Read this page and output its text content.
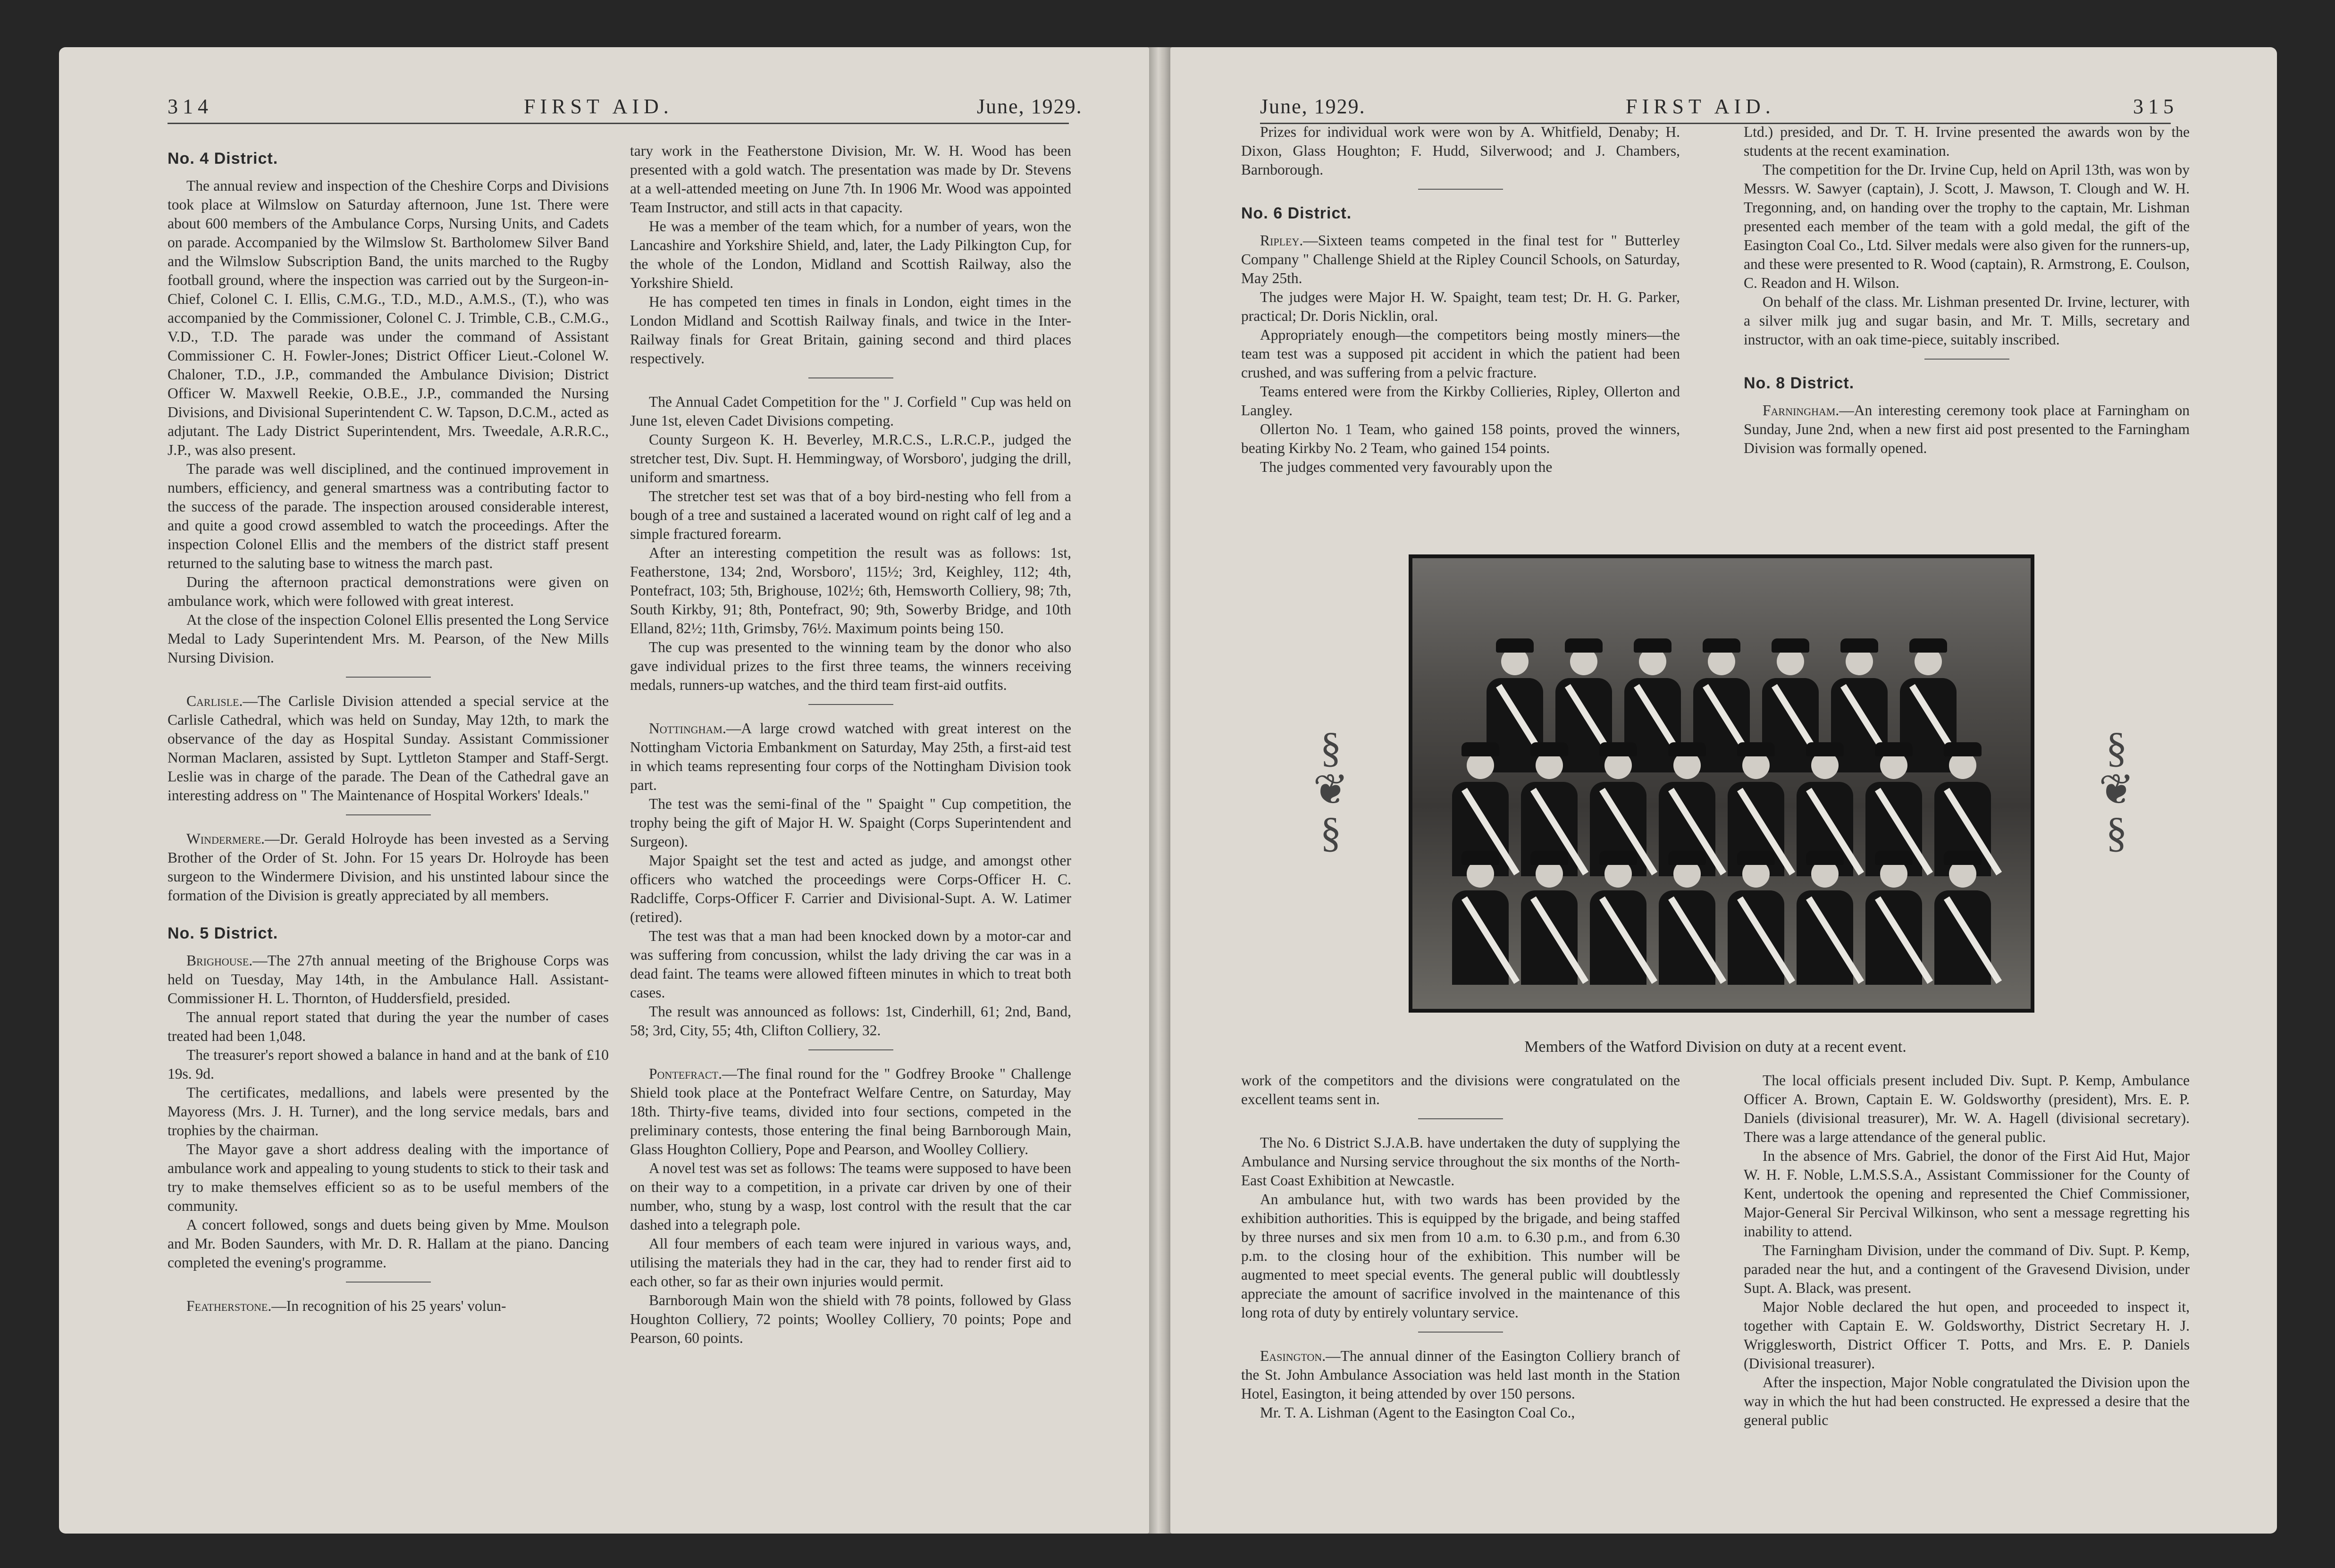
314	FIRST AID.	June, 1929.
No. 4 District.

The annual review and inspection of the Cheshire Corps and Divisions took place at Wilmslow on Saturday afternoon, June 1st. There were about 600 members of the Ambulance Corps, Nursing Units, and Cadets on parade. Accompanied by the Wilmslow St. Bartholomew Silver Band and the Wilmslow Subscription Band, the units marched to the Rugby football ground, where the inspection was carried out by the Surgeon-in-Chief, Colonel C. I. Ellis, C.M.G., T.D., M.D., A.M.S., (T.), who was accompanied by the Commissioner, Colonel C. J. Trimble, C.B., C.M.G., V.D., T.D. The parade was under the command of Assistant Commissioner C. H. Fowler-Jones; District Officer Lieut.-Colonel W. Chaloner, T.D., J.P., commanded the Ambulance Division; District Officer W. Maxwell Reekie, O.B.E., J.P., commanded the Nursing Divisions, and Divisional Superintendent C. W. Tapson, D.C.M., acted as adjutant. The Lady District Superintendent, Mrs. Tweedale, A.R.R.C., J.P., was also present.

The parade was well disciplined, and the continued improvement in numbers, efficiency, and general smartness was a contributing factor to the success of the parade. The inspection aroused considerable interest, and quite a good crowd assembled to watch the proceedings. After the inspection Colonel Ellis and the members of the district staff present returned to the saluting base to witness the march past.

During the afternoon practical demonstrations were given on ambulance work, which were followed with great interest.

At the close of the inspection Colonel Ellis presented the Long Service Medal to Lady Superintendent Mrs. M. Pearson, of the New Mills Nursing Division.

Carlisle.—The Carlisle Division attended a special service at the Carlisle Cathedral, which was held on Sunday, May 12th, to mark the observance of the day as Hospital Sunday. Assistant Commissioner Norman Maclaren, assisted by Supt. Lyttleton Stamper and Staff-Sergt. Leslie was in charge of the parade. The Dean of the Cathedral gave an interesting address on " The Maintenance of Hospital Workers' Ideals."

Windermere.—Dr. Gerald Holroyde has been invested as a Serving Brother of the Order of St. John. For 15 years Dr. Holroyde has been surgeon to the Windermere Division, and his unstinted labour since the formation of the Division is greatly appreciated by all members.

No. 5 District.

Brighouse.—The 27th annual meeting of the Brighouse Corps was held on Tuesday, May 14th, in the Ambulance Hall. Assistant-Commissioner H. L. Thornton, of Huddersfield, presided.

The annual report stated that during the year the number of cases treated had been 1,048.

The treasurer's report showed a balance in hand and at the bank of £10 19s. 9d.

The certificates, medallions, and labels were presented by the Mayoress (Mrs. J. H. Turner), and the long service medals, bars and trophies by the chairman.

The Mayor gave a short address dealing with the importance of ambulance work and appealing to young students to stick to their task and try to make themselves efficient so as to be useful members of the community.

A concert followed, songs and duets being given by Mme. Moulson and Mr. Boden Saunders, with Mr. D. R. Hallam at the piano. Dancing completed the evening's programme.

Featherstone.—In recognition of his 25 years' volun-

tary work in the Featherstone Division, Mr. W. H. Wood has been presented with a gold watch. The presentation was made by Dr. Stevens at a well-attended meeting on June 7th. In 1906 Mr. Wood was appointed Team Instructor, and still acts in that capacity.

He was a member of the team which, for a number of years, won the Lancashire and Yorkshire Shield, and, later, the Lady Pilkington Cup, for the whole of the London, Midland and Scottish Railway, also the Yorkshire Shield.

He has competed ten times in finals in London, eight times in the London Midland and Scottish Railway finals, and twice in the Inter-Railway finals for Great Britain, gaining second and third places respectively.

The Annual Cadet Competition for the " J. Corfield " Cup was held on June 1st, eleven Cadet Divisions competing.

County Surgeon K. H. Beverley, M.R.C.S., L.R.C.P., judged the stretcher test, Div. Supt. H. Hemmingway, of Worsboro', judging the drill, uniform and smartness.

The stretcher test set was that of a boy bird-nesting who fell from a bough of a tree and sustained a lacerated wound on right calf of leg and a simple fractured forearm.

After an interesting competition the result was as follows: 1st, Featherstone, 134; 2nd, Worsboro', 115½; 3rd, Keighley, 112; 4th, Pontefract, 103; 5th, Brighouse, 102½; 6th, Hemsworth Colliery, 98; 7th, South Kirkby, 91; 8th, Pontefract, 90; 9th, Sowerby Bridge, and 10th Elland, 82½; 11th, Grimsby, 76½. Maximum points being 150.

The cup was presented to the winning team by the donor who also gave individual prizes to the first three teams, the winners receiving medals, runners-up watches, and the third team first-aid outfits.

Nottingham.—A large crowd watched with great interest on the Nottingham Victoria Embankment on Saturday, May 25th, a first-aid test in which teams representing four corps of the Nottingham Division took part.

The test was the semi-final of the " Spaight " Cup competition, the trophy being the gift of Major H. W. Spaight (Corps Superintendent and Surgeon).

Major Spaight set the test and acted as judge, and amongst other officers who watched the proceedings were Corps-Officer H. C. Radcliffe, Corps-Officer F. Carrier and Divisional-Supt. A. W. Latimer (retired).

The test was that a man had been knocked down by a motor-car and was suffering from concussion, whilst the lady driving the car was in a dead faint. The teams were allowed fifteen minutes in which to treat both cases.

The result was announced as follows: 1st, Cinderhill, 61; 2nd, Band, 58; 3rd, City, 55; 4th, Clifton Colliery, 32.

Pontefract.—The final round for the " Godfrey Brooke " Challenge Shield took place at the Pontefract Welfare Centre, on Saturday, May 18th. Thirty-five teams, divided into four sections, competed in the preliminary contests, those entering the final being Barnborough Main, Glass Houghton Colliery, Pope and Pearson, and Woolley Colliery.

A novel test was set as follows: The teams were supposed to have been on their way to a competition, in a private car driven by one of their number, who, stung by a wasp, lost control with the result that the car dashed into a telegraph pole.

All four members of each team were injured in various ways, and, utilising the materials they had in the car, they had to render first aid to each other, so far as their own injuries would permit.

Barnborough Main won the shield with 78 points, followed by Glass Houghton Colliery, 72 points; Woolley Colliery, 70 points; Pope and Pearson, 60 points.

June, 1929.	FIRST AID.	315

Prizes for individual work were won by A. Whitfield, Denaby; H. Dixon, Glass Houghton; F. Hudd, Silverwood; and J. Chambers, Barnborough.

No. 6 District.

Ripley.—Sixteen teams competed in the final test for " Butterley Company " Challenge Shield at the Ripley Council Schools, on Saturday, May 25th.

The judges were Major H. W. Spaight, team test; Dr. H. G. Parker, practical; Dr. Doris Nicklin, oral.

Appropriately enough—the competitors being mostly miners—the team test was a supposed pit accident in which the patient had been crushed, and was suffering from a pelvic fracture.

Teams entered were from the Kirkby Collieries, Ripley, Ollerton and Langley.

Ollerton No. 1 Team, who gained 158 points, proved the winners, beating Kirkby No. 2 Team, who gained 154 points.

The judges commented very favourably upon the

Ltd.) presided, and Dr. T. H. Irvine presented the awards won by the students at the recent examination.

The competition for the Dr. Irvine Cup, held on April 13th, was won by Messrs. W. Sawyer (captain), J. Scott, J. Mawson, T. Clough and W. H. Tregonning, and, on handing over the trophy to the captain, Mr. Lishman presented each member of the team with a gold medal, the gift of the Easington Coal Co., Ltd. Silver medals were also given for the runners-up, and these were presented to R. Wood (captain), R. Armstrong, E. Coulson, C. Readon and H. Wilson.

On behalf of the class. Mr. Lishman presented Dr. Irvine, lecturer, with a silver milk jug and sugar basin, and Mr. T. Mills, secretary and instructor, with an oak time-piece, suitably inscribed.

No. 8 District.

Farningham.—An interesting ceremony took place at Farningham on Sunday, June 2nd, when a new first aid post presented to the Farningham Division was formally opened.

§
❦
§
§
❦
§
Members of the Watford Division on duty at a recent event.

work of the competitors and the divisions were congratulated on the excellent teams sent in.

The No. 6 District S.J.A.B. have undertaken the duty of supplying the Ambulance and Nursing service throughout the six months of the North-East Coast Exhibition at Newcastle.

An ambulance hut, with two wards has been provided by the exhibition authorities. This is equipped by the brigade, and being staffed by three nurses and six men from 10 a.m. to 6.30 p.m., and from 6.30 p.m. to the closing hour of the exhibition. This number will be augmented to meet special events. The general public will doubtlessly appreciate the amount of sacrifice involved in the maintenance of this long rota of duty by entirely voluntary service.

Easington.—The annual dinner of the Easington Colliery branch of the St. John Ambulance Association was held last month in the Station Hotel, Easington, it being attended by over 150 persons.

Mr. T. A. Lishman (Agent to the Easington Coal Co.,

The local officials present included Div. Supt. P. Kemp, Ambulance Officer A. Brown, Captain E. W. Goldsworthy (president), Mrs. E. P. Daniels (divisional treasurer), Mr. W. A. Hagell (divisional secretary). There was a large attendance of the general public.

In the absence of Mrs. Gabriel, the donor of the First Aid Hut, Major W. H. F. Noble, L.M.S.S.A., Assistant Commissioner for the County of Kent, undertook the opening and represented the Chief Commissioner, Major-General Sir Percival Wilkinson, who sent a message regretting his inability to attend.

The Farningham Division, under the command of Div. Supt. P. Kemp, paraded near the hut, and a contingent of the Gravesend Division, under Supt. A. Black, was present.

Major Noble declared the hut open, and proceeded to inspect it, together with Captain E. W. Goldsworthy, District Secretary H. J. Wrigglesworth, District Officer T. Potts, and Mrs. E. P. Daniels (Divisional treasurer).

After the inspection, Major Noble congratulated the Division upon the way in which the hut had been constructed. He expressed a desire that the general public
